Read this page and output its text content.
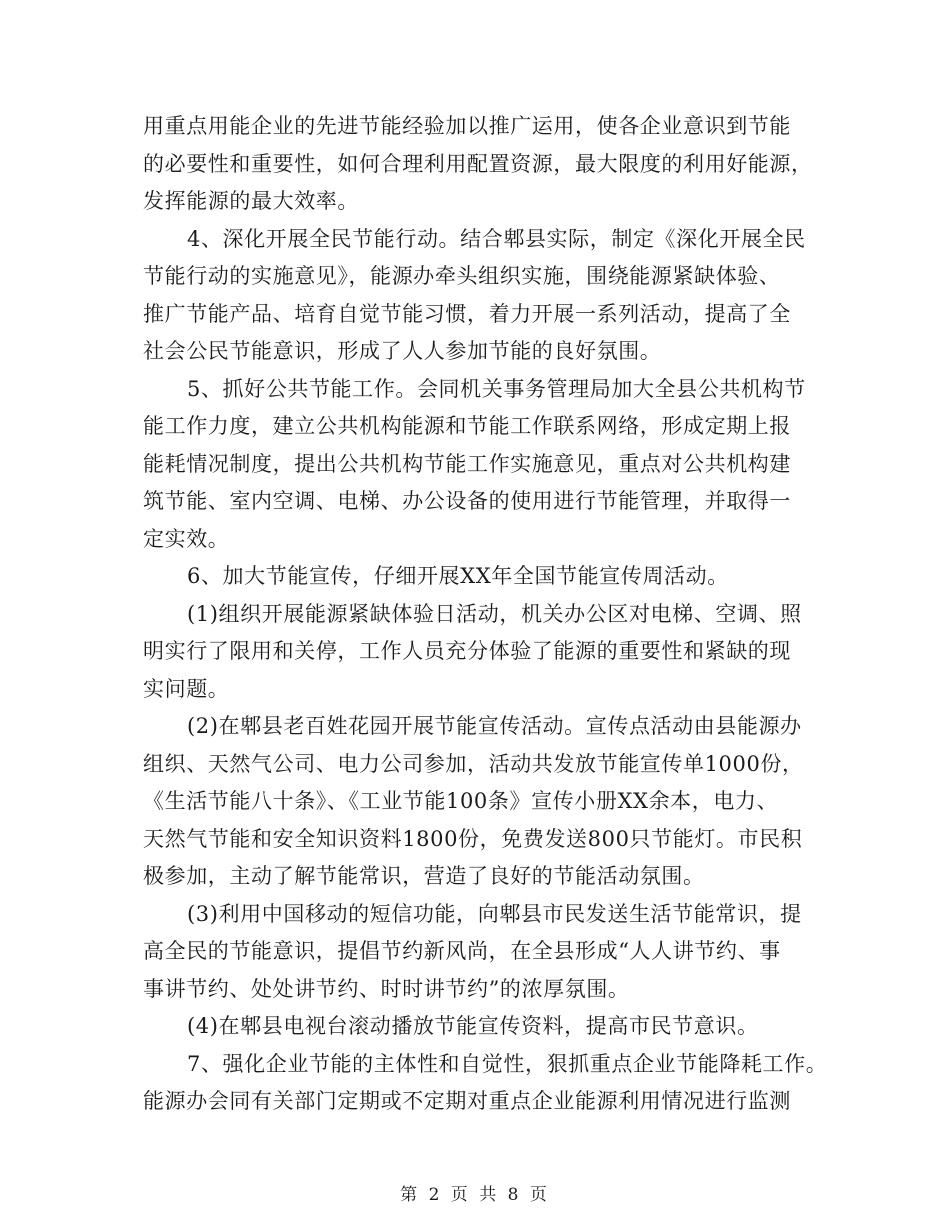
用重点用能企业的先进节能经验加以推广运用，使各企业意识到节能
的必要性和重要性，如何合理利用配置资源，最大限度的利用好能源，
发挥能源的最大效率。
4、深化开展全民节能行动。结合郫县实际，制定《深化开展全民
节能行动的实施意见》，能源办牵头组织实施，围绕能源紧缺体验、
推广节能产品、培育自觉节能习惯，着力开展一系列活动，提高了全
社会公民节能意识，形成了人人参加节能的良好氛围。
5、抓好公共节能工作。会同机关事务管理局加大全县公共机构节
能工作力度，建立公共机构能源和节能工作联系网络，形成定期上报
能耗情况制度，提出公共机构节能工作实施意见，重点对公共机构建
筑节能、室内空调、电梯、办公设备的使用进行节能管理，并取得一
定实效。
6、加大节能宣传，仔细开展XX年全国节能宣传周活动。
(1)组织开展能源紧缺体验日活动，机关办公区对电梯、空调、照
明实行了限用和关停，工作人员充分体验了能源的重要性和紧缺的现
实问题。
(2)在郫县老百姓花园开展节能宣传活动。宣传点活动由县能源办
组织、天然气公司、电力公司参加，活动共发放节能宣传单1000份，
《生活节能八十条》、《工业节能100条》宣传小册XX余本，电力、
天然气节能和安全知识资料1800份，免费发送800只节能灯。市民积
极参加，主动了解节能常识，营造了良好的节能活动氛围。
(3)利用中国移动的短信功能，向郫县市民发送生活节能常识，提
高全民的节能意识，提倡节约新风尚，在全县形成“人人讲节约、事
事讲节约、处处讲节约、时时讲节约”的浓厚氛围。
(4)在郫县电视台滚动播放节能宣传资料，提高市民节意识。
7、强化企业节能的主体性和自觉性，狠抓重点企业节能降耗工作。
能源办会同有关部门定期或不定期对重点企业能源利用情况进行监测
第 2 页 共 8 页
